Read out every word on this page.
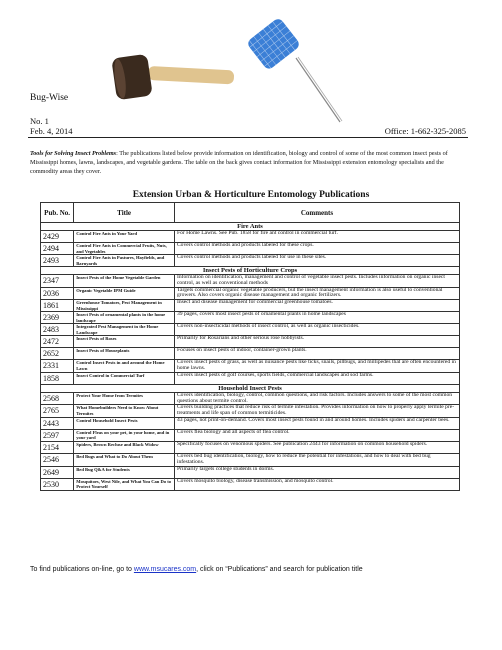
Bug-Wise
No. 1
Feb. 4, 2014	Office: 1-662-325-2085
Tools for Solving Insect Problems: The publications listed below provide information on identification, biology and control of some of the most common insect pests of Mississippi homes, lawns, landscapes, and vegetable gardens. The table on the back gives contact information for Mississippi extension entomology specialists and the commodity areas they cover.
Extension Urban & Horticulture Entomology Publications
Pub. No.	Title	Comments
Fire Ants		
2429	Control Fire Ants in Your Yard	For Home Lawns. See Pub. 1858 for fire ant control in commercial turf.
2494	Control Fire Ants in Commercial Fruits, Nuts, and Vegetables	Covers control methods and products labeled for these crops.
2493	Control Fire Ants in Pastures, Hayfields, and Barnyards	Covers control methods and products labeled for use in these sites.
Insect Pests of Horticulture Crops		
2347	Insect Pests of the Home Vegetable Garden	Information on identification, management and control of vegetable insect pests. Includes information on organic insect control, as well as conventional methods
2036	Organic Vegetable IPM Guide	Targets commercial organic vegetable producers, but the insect management information is also useful to conventional growers. Also covers organic disease management and organic fertilizers.
1861	Greenhouse Tomatoes, Pest Management in Mississippi	Insect and disease management for commercial greenhouse tomatoes.
2369	Insect Pests of ornamental plants in the home landscape	39 pages, covers most insect pests of ornamental plants in home landscapes
2483	Integrated Pest Management in the Home Landscape	Covers non-insecticidal methods of insect control, as well as organic insecticides.
2472	Insect Pests of Roses	Primarily for Rosarians and other serious rose hobbyists.
2652	Insect Pests of Houseplants	Focuses on insect pests of indoor, container-grown plants.
2331	Control Insect Pests in and around the Home Lawn	Covers insect pests of grass, as well as nuisance pests like ticks, snails, pillbugs, and millipedes that are often encountered in home lawns.
1858	Insect Control in Commercial Turf	Covers insect pests of golf courses, sports fields, commercial landscapes and sod farms.
Household Insect Pests		
2568	Protect Your Home from Termites	Covers identification, biology, control, common questions, and risk factors. Includes answers to some of the most common questions about termite control.
2765	What Homebuilders Need to Know About Termites	Covers building practices that reduce risk of termite infestation. Provides information on how to properly apply termite pre-treatments and life span of common termiticides.
2443	Control Household Insect Pests	43 pages, not print-on-demand. Covers most insect pests found in and around homes. Includes spiders and carpenter bees.
2597	Control Fleas on your pet, in your home, and in your yard	Covers flea biology and all aspects of flea control.
2154	Spiders, Brown Recluse and Black Widow	Specifically focuses on venomous spiders. See publication 2443 for information on common household spiders.
2546	Bed Bugs and What to Do About Them	Covers bed bug identification, biology, how to reduce the potential for infestations, and how to deal with bed bug infestations.
2649	Bed Bug Q&A for Students	Primarily targets college students in dorms.
2530	Mosquitoes, West Nile, and What You Can Do to Protect Yourself	Covers mosquito biology, disease transmission, and mosquito control.
To find publications on-line, go to www.msucares.com, click on “Publications” and search for publication title
